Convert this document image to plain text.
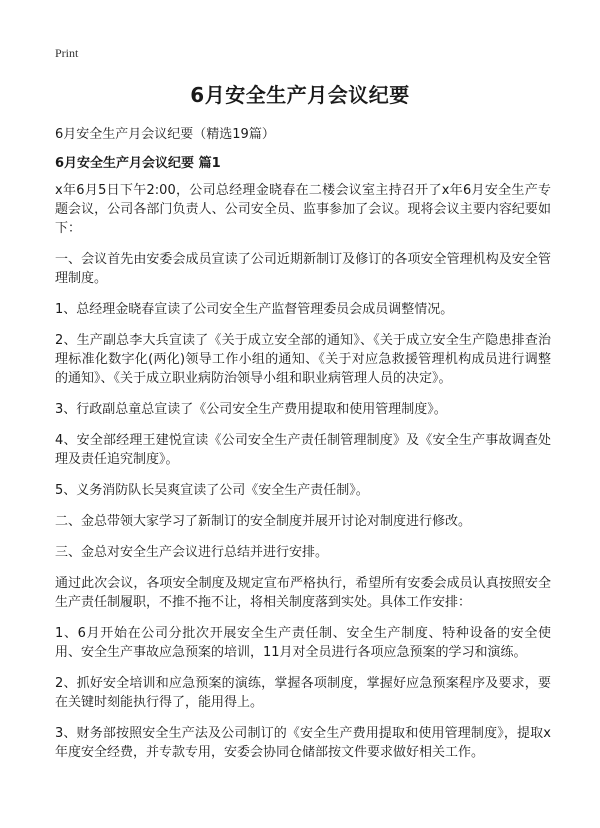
Print
6月安全生产月会议纪要
6月安全生产月会议纪要（精选19篇）
6月安全生产月会议纪要 篇1

x年6月5日下午2:00，公司总经理金晓春在二楼会议室主持召开了x年6月安全生产专题会议，公司各部门负责人、公司安全员、监事参加了会议。现将会议主要内容纪要如下：

一、会议首先由安委会成员宣读了公司近期新制订及修订的各项安全管理机构及安全管理制度。

1、总经理金晓春宣读了公司安全生产监督管理委员会成员调整情况。

2、生产副总李大兵宣读了《关于成立安全部的通知》、《关于成立安全生产隐患排查治理标准化数字化(两化)领导工作小组的通知、《关于对应急救援管理机构成员进行调整的通知》、《关于成立职业病防治领导小组和职业病管理人员的决定》。

3、行政副总童总宣读了《公司安全生产费用提取和使用管理制度》。

4、安全部经理王建悦宣读《公司安全生产责任制管理制度》及《安全生产事故调查处理及责任追究制度》。

5、义务消防队长吴爽宣读了公司《安全生产责任制》。

二、金总带领大家学习了新制订的安全制度并展开讨论对制度进行修改。

三、金总对安全生产会议进行总结并进行安排。

通过此次会议，各项安全制度及规定宣布严格执行，希望所有安委会成员认真按照安全生产责任制履职，不推不拖不让，将相关制度落到实处。具体工作安排：

1、6月开始在公司分批次开展安全生产责任制、安全生产制度、特种设备的安全使用、安全生产事故应急预案的培训，11月对全员进行各项应急预案的学习和演练。

2、抓好安全培训和应急预案的演练，掌握各项制度，掌握好应急预案程序及要求，要在关键时刻能执行得了，能用得上。

3、财务部按照安全生产法及公司制订的《安全生产费用提取和使用管理制度》，提取x年度安全经费，并专款专用，安委会协同仓储部按文件要求做好相关工作。
